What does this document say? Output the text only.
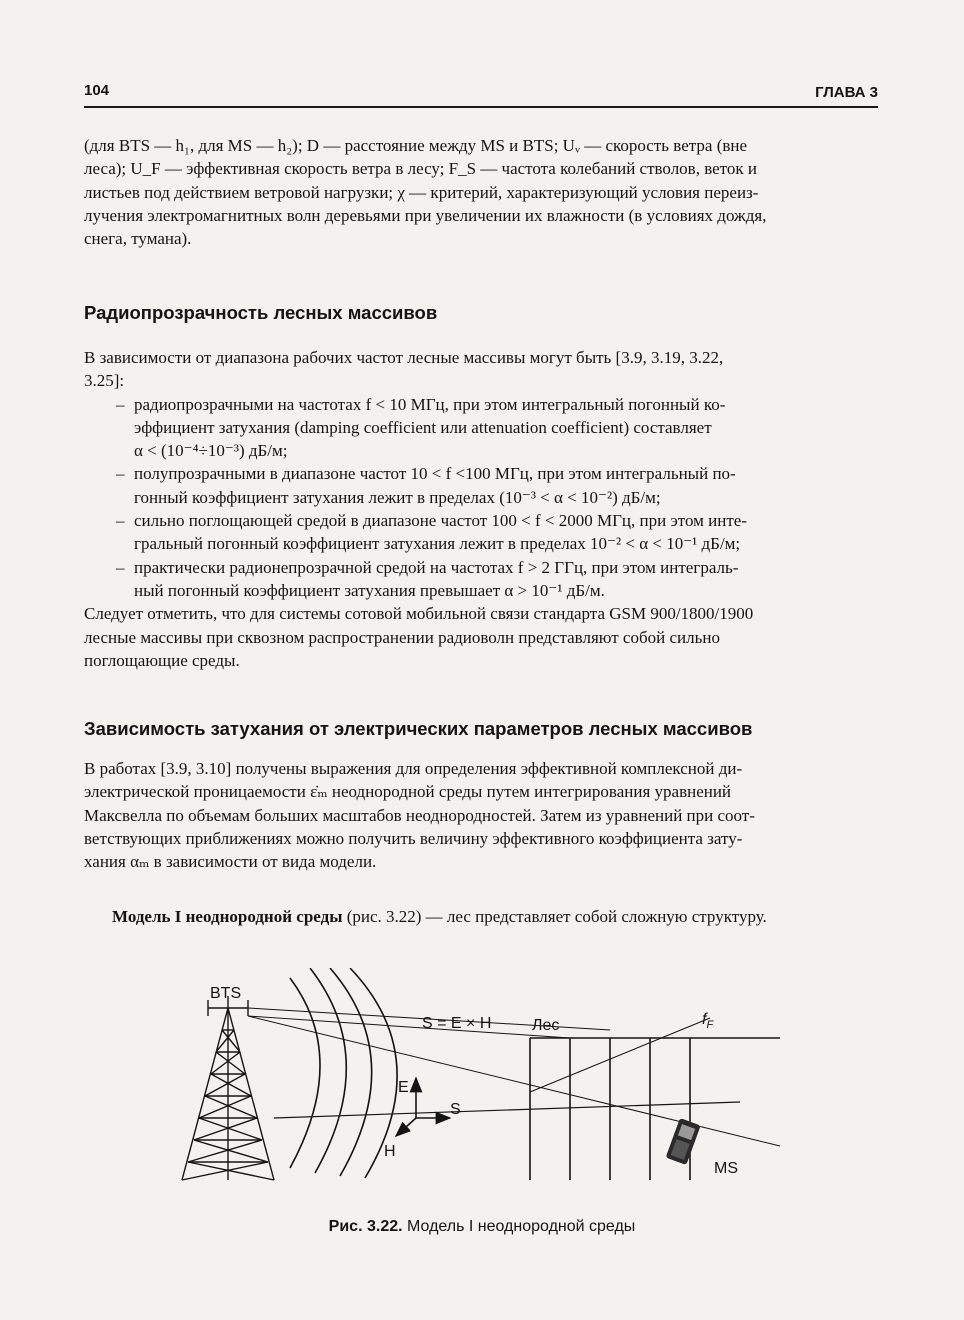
104	ГЛАВА 3

(для BTS — h₁, для MS — h₂); D — расстояние между MS и BTS; Uᵥ — скорость ветра (вне

леса); U_F — эффективная скорость ветра в лесу; F_S — частота колебаний стволов, веток и

листьев под действием ветровой нагрузки; χ — критерий, характеризующий условия переиз-

лучения электромагнитных волн деревьями при увеличении их влажности (в условиях дождя,

снега, тумана).

Радиопрозрачность лесных массивов

В зависимости от диапазона рабочих частот лесные массивы могут быть [3.9, 3.19, 3.22,

3.25]:

– радиопрозрачными на частотах f < 10 МГц, при этом интегральный погонный ко-
эффициент затухания (damping coefficient или attenuation coefficient) составляет
α < (10⁻⁴÷10⁻³) дБ/м;
– полупрозрачными в диапазоне частот 10 < f <100 МГц, при этом интегральный по-
гонный коэффициент затухания лежит в пределах (10⁻³ < α < 10⁻²) дБ/м;
– сильно поглощающей средой в диапазоне частот 100 < f < 2000 МГц, при этом инте-
гральный погонный коэффициент затухания лежит в пределах 10⁻² < α < 10⁻¹ дБ/м;
– практически радионепрозрачной средой на частотах f > 2 ГГц, при этом интеграль-
ный погонный коэффициент затухания превышает α > 10⁻¹ дБ/м.

Следует отметить, что для системы сотовой мобильной связи стандарта GSM 900/1800/1900

лесные массивы при сквозном распространении радиоволн представляют собой сильно

поглощающие среды.

Зависимость затухания от электрических параметров лесных массивов

В работах [3.9, 3.10] получены выражения для определения эффективной комплексной ди-

электрической проницаемости ε̇ₘ неоднородной среды путем интегрирования уравнений

Максвелла по объемам больших масштабов неоднородностей. Затем из уравнений при соот-

ветствующих приближениях можно получить величину эффективного коэффициента зату-

хания αₘ в зависимости от вида модели.

Модель I неоднородной среды (рис. 3.22) — лес представляет собой сложную структуру.

BTS
S = E × H	Лес	$f_F$
E
S
H
MS
Рис. 3.22. Модель I неоднородной среды
